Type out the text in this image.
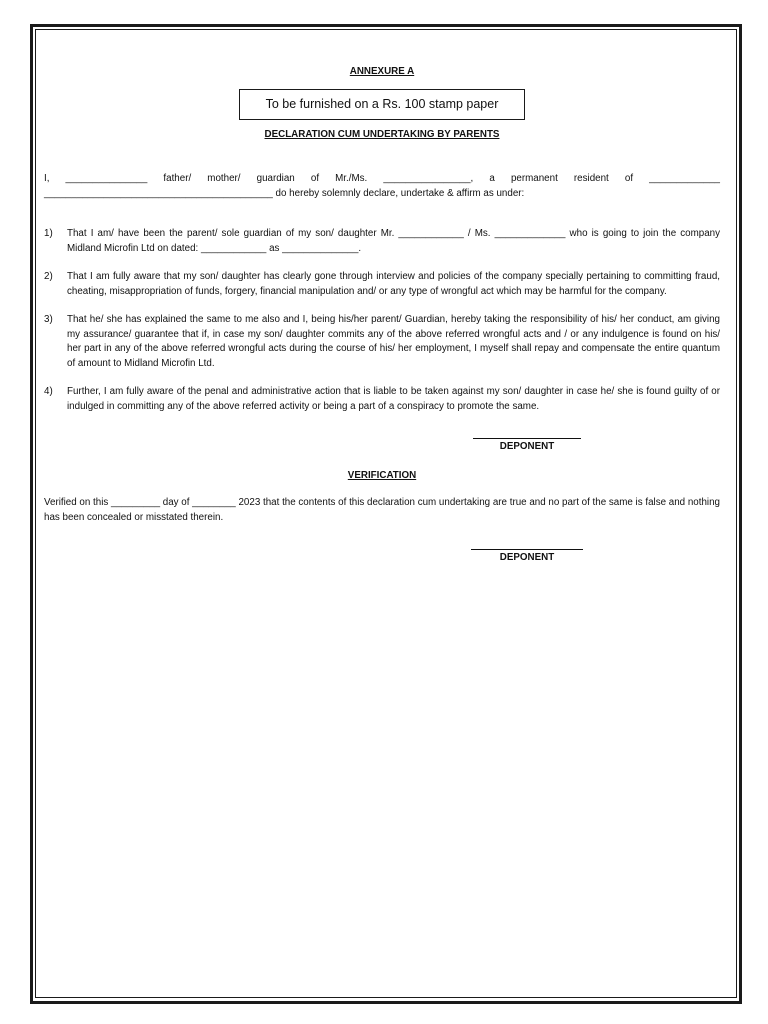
ANNEXURE A
To be furnished on a Rs. 100 stamp paper
DECLARATION CUM UNDERTAKING BY PARENTS
I, _______________ father/ mother/ guardian of Mr./Ms. ________________, a permanent resident of _____________
__________________________________________ do hereby solemnly declare, undertake & affirm as under:
1) That I am/ have been the parent/ sole guardian of my son/ daughter Mr. ____________ / Ms. _____________ who is going to join the company Midland Microfin Ltd on dated: ____________ as ______________.
2) That I am fully aware that my son/ daughter has clearly gone through interview and policies of the company specially pertaining to committing fraud, cheating, misappropriation of funds, forgery, financial manipulation and/ or any type of wrongful act which may be harmful for the company.
3) That he/ she has explained the same to me also and I, being his/her parent/ Guardian, hereby taking the responsibility of his/ her conduct, am giving my assurance/ guarantee that if, in case my son/ daughter commits any of the above referred wrongful acts and / or any indulgence is found on his/ her part in any of the above referred wrongful acts during the course of his/ her employment, I myself shall repay and compensate the entire quantum of amount to Midland Microfin Ltd.
4) Further, I am fully aware of the penal and administrative action that is liable to be taken against my son/ daughter in case he/ she is found guilty of or indulged in committing any of the above referred activity or being a part of a conspiracy to promote the same.
DEPONENT
VERIFICATION
Verified on this _________ day of ________ 2023 that the contents of this declaration cum undertaking are true and no part of the same is false and nothing has been concealed or misstated therein.
DEPONENT
